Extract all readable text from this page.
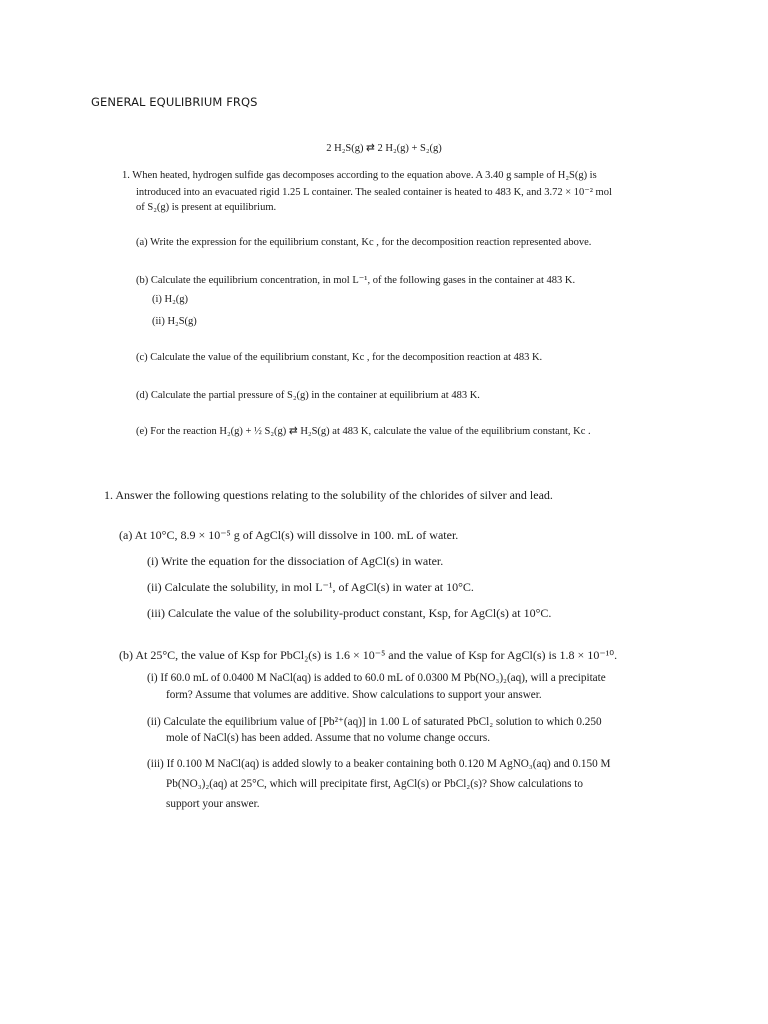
GENERAL EQULIBRIUM FRQS
2 H₂S(g) ⇄ 2 H₂(g) + S₂(g)
1. When heated, hydrogen sulfide gas decomposes according to the equation above. A 3.40 g sample of H₂S(g) is
introduced into an evacuated rigid 1.25 L container. The sealed container is heated to 483 K, and 3.72 × 10⁻² mol
of S₂(g) is present at equilibrium.
(a) Write the expression for the equilibrium constant, Kc , for the decomposition reaction represented above.
(b) Calculate the equilibrium concentration, in mol L⁻¹, of the following gases in the container at 483 K.
(i) H₂(g)
(ii) H₂S(g)
(c) Calculate the value of the equilibrium constant, Kc , for the decomposition reaction at 483 K.
(d) Calculate the partial pressure of S₂(g) in the container at equilibrium at 483 K.
(e) For the reaction H₂(g) + ½ S₂(g) ⇄ H₂S(g) at 483 K, calculate the value of the equilibrium constant, Kc .
1. Answer the following questions relating to the solubility of the chlorides of silver and lead.
(a) At 10°C, 8.9 × 10⁻⁵ g of AgCl(s) will dissolve in 100. mL of water.
(i) Write the equation for the dissociation of AgCl(s) in water.
(ii) Calculate the solubility, in mol L⁻¹, of AgCl(s) in water at 10°C.
(iii) Calculate the value of the solubility-product constant, Ksp, for AgCl(s) at 10°C.
(b) At 25°C, the value of Ksp for PbCl₂(s) is 1.6 × 10⁻⁵ and the value of Ksp for AgCl(s) is 1.8 × 10⁻¹⁰.
(i) If 60.0 mL of 0.0400 M NaCl(aq) is added to 60.0 mL of 0.0300 M Pb(NO₃)₂(aq), will a precipitate
form? Assume that volumes are additive. Show calculations to support your answer.
(ii) Calculate the equilibrium value of [Pb²⁺(aq)] in 1.00 L of saturated PbCl₂ solution to which 0.250
mole of NaCl(s) has been added. Assume that no volume change occurs.
(iii) If 0.100 M NaCl(aq) is added slowly to a beaker containing both 0.120 M AgNO₃(aq) and 0.150 M
Pb(NO₃)₂(aq) at 25°C, which will precipitate first, AgCl(s) or PbCl₂(s)? Show calculations to
support your answer.
